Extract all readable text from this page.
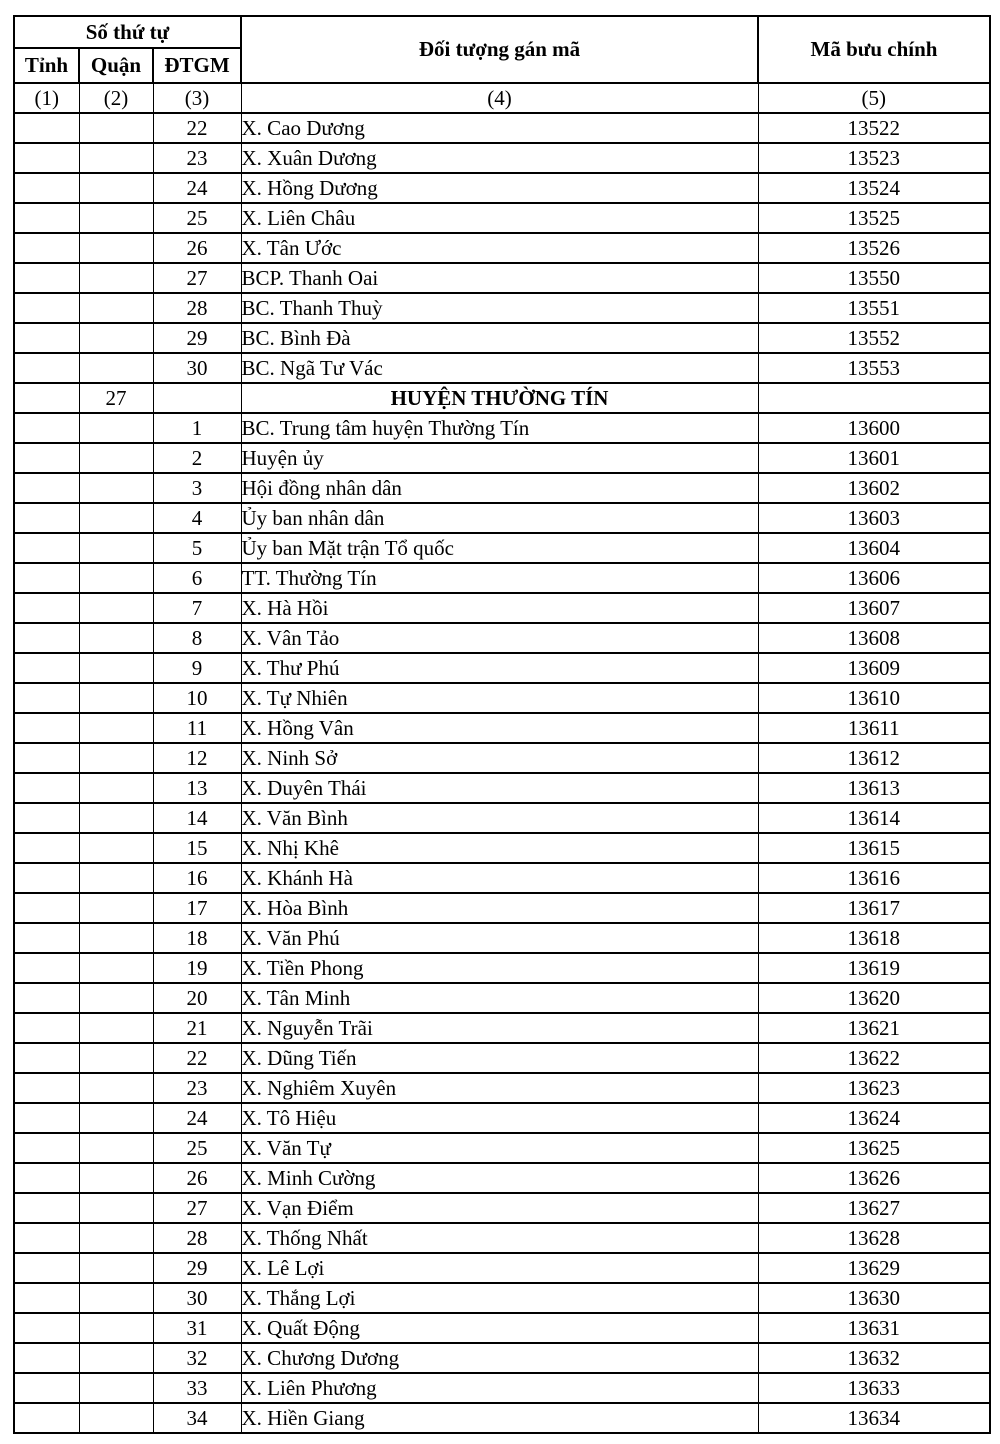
Số thứ tự			Đối tượng gán mã	Mã bưu chính
Tỉnh	Quận	ĐTGM		
(1)	(2)	(3)	(4)	(5)
		22	X. Cao Dương	13522
		23	X. Xuân Dương	13523
		24	X. Hồng Dương	13524
		25	X. Liên Châu	13525
		26	X. Tân Ước	13526
		27	BCP. Thanh Oai	13550
		28	BC. Thanh Thuỳ	13551
		29	BC. Bình Đà	13552
		30	BC. Ngã Tư Vác	13553
	27		HUYỆN THƯỜNG TÍN	
		1	BC. Trung tâm huyện Thường Tín	13600
		2	Huyện ủy	13601
		3	Hội đồng nhân dân	13602
		4	Ủy ban nhân dân	13603
		5	Ủy ban Mặt trận Tổ quốc	13604
		6	TT. Thường Tín	13606
		7	X. Hà Hồi	13607
		8	X. Vân Tảo	13608
		9	X. Thư Phú	13609
		10	X. Tự Nhiên	13610
		11	X. Hồng Vân	13611
		12	X. Ninh Sở	13612
		13	X. Duyên Thái	13613
		14	X. Văn Bình	13614
		15	X. Nhị Khê	13615
		16	X. Khánh Hà	13616
		17	X. Hòa Bình	13617
		18	X. Văn Phú	13618
		19	X. Tiền Phong	13619
		20	X. Tân Minh	13620
		21	X. Nguyễn Trãi	13621
		22	X. Dũng Tiến	13622
		23	X. Nghiêm Xuyên	13623
		24	X. Tô Hiệu	13624
		25	X. Văn Tự	13625
		26	X. Minh Cường	13626
		27	X. Vạn Điểm	13627
		28	X. Thống Nhất	13628
		29	X. Lê Lợi	13629
		30	X. Thắng Lợi	13630
		31	X. Quất Động	13631
		32	X. Chương Dương	13632
		33	X. Liên Phương	13633
		34	X. Hiền Giang	13634
